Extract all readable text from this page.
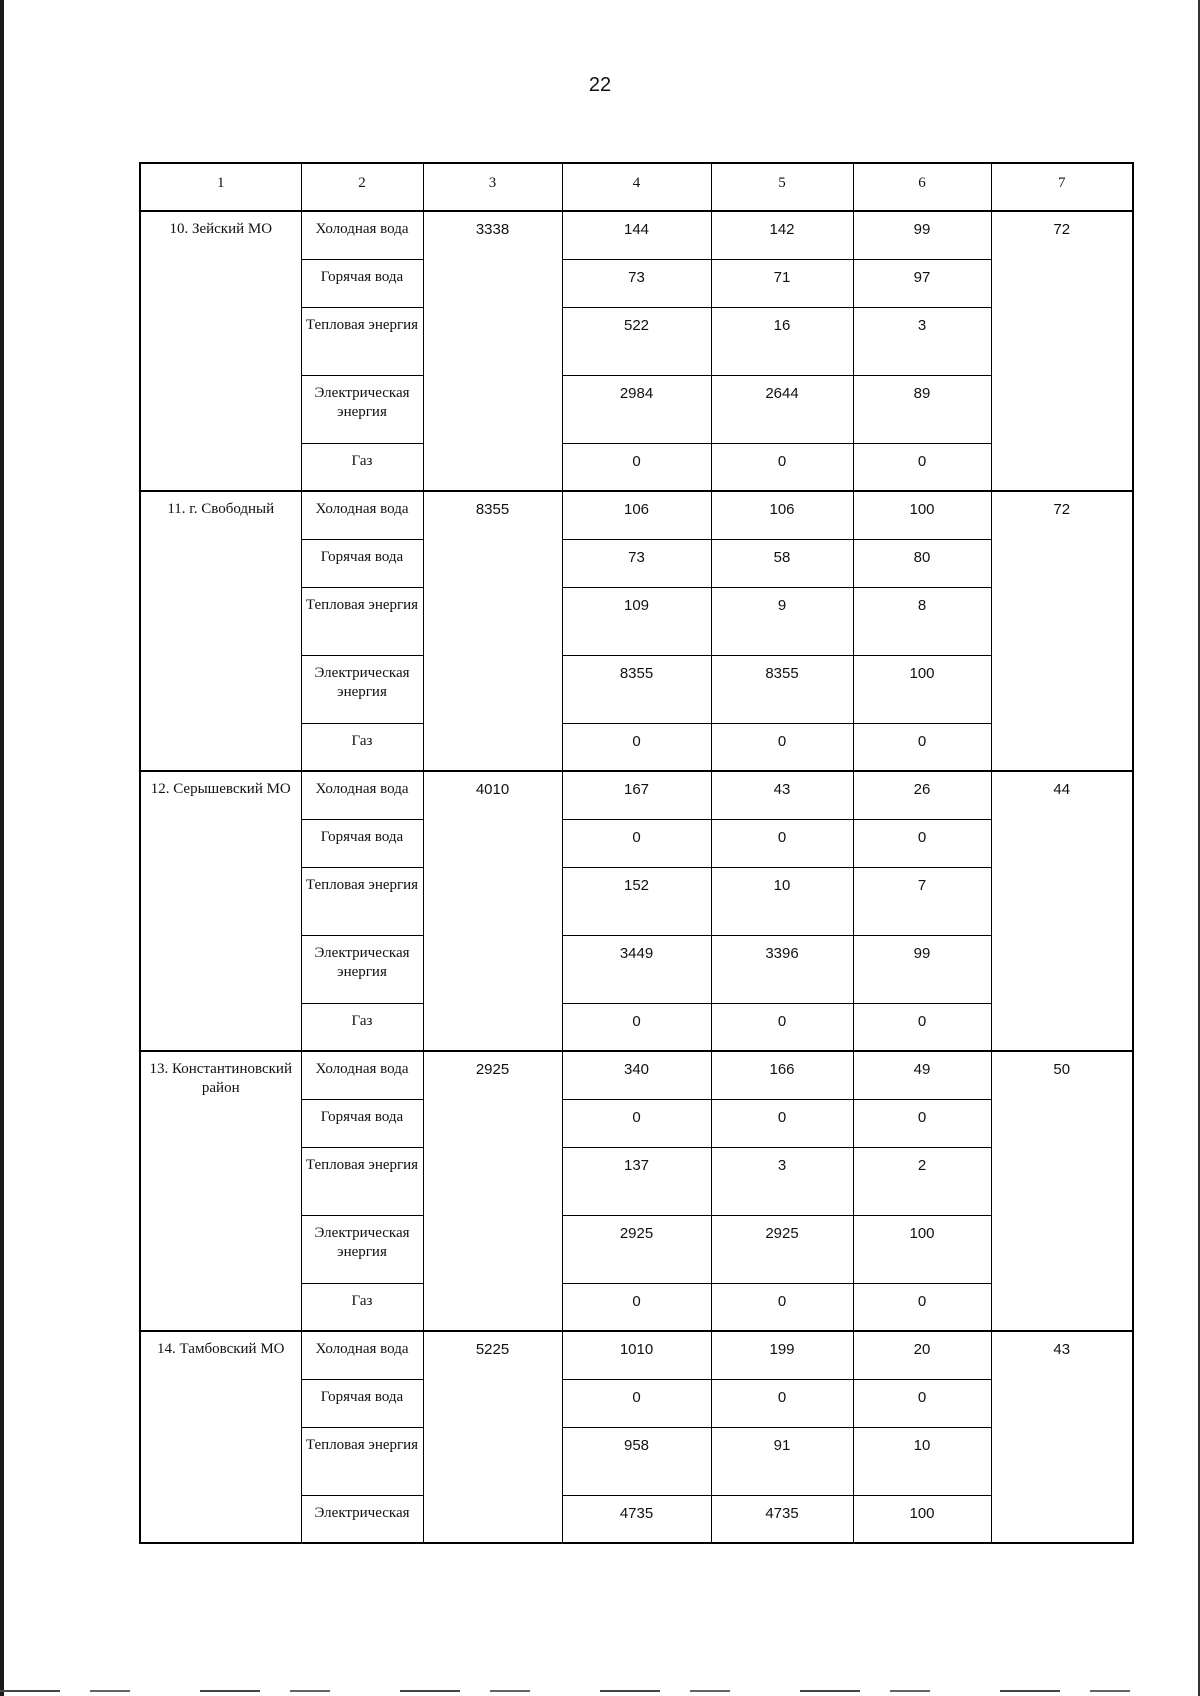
22
1	2	3	4	5	6	7
10. Зейский МО	Холодная вода	3338	144	142	99	72
	Горячая вода		73	71	97	
	Тепловая энергия		522	16	3	
	Электрическая энергия		2984	2644	89	
	Газ		0	0	0	
11. г. Свободный	Холодная вода	8355	106	106	100	72
	Горячая вода		73	58	80	
	Тепловая энергия		109	9	8	
	Электрическая энергия		8355	8355	100	
	Газ		0	0	0	
12. Серышевский МО	Холодная вода	4010	167	43	26	44
	Горячая вода		0	0	0	
	Тепловая энергия		152	10	7	
	Электрическая энергия		3449	3396	99	
	Газ		0	0	0	
13. Константиновский район	Холодная вода	2925	340	166	49	50
	Горячая вода		0	0	0	
	Тепловая энергия		137	3	2	
	Электрическая энергия		2925	2925	100	
	Газ		0	0	0	
14. Тамбовский МО	Холодная вода	5225	1010	199	20	43
	Горячая вода		0	0	0	
	Тепловая энергия		958	91	10	
	Электрическая		4735	4735	100	
